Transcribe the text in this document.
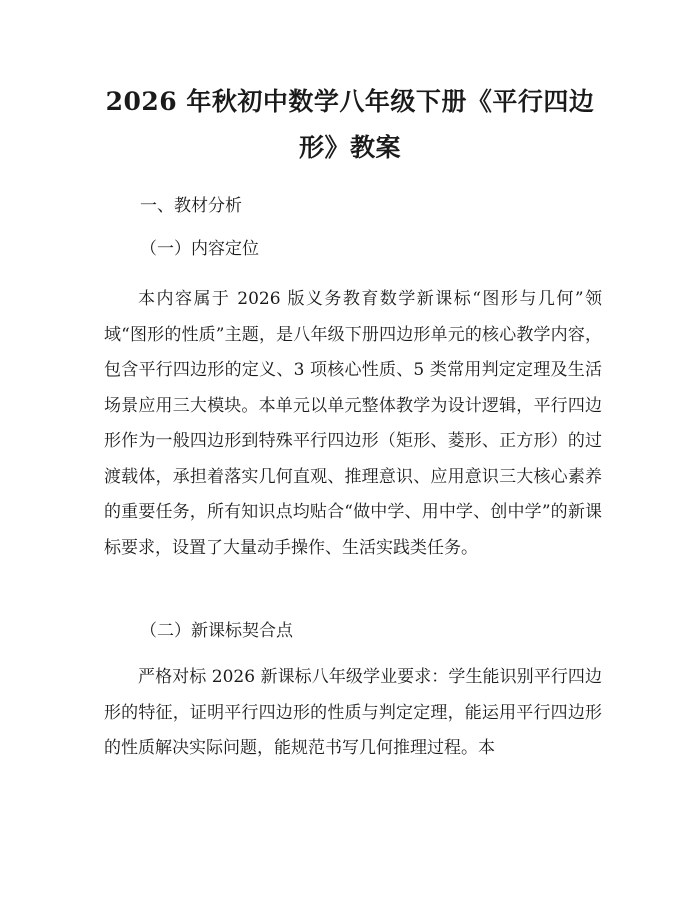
2026 年秋初中数学八年级下册《平行四边
形》教案
一、教材分析
（一）内容定位

本内容属于 2026 版义务教育数学新课标“图形与几何”领域“图形的性质”主题，是八年级下册四边形单元的核心教学内容，包含平行四边形的定义、3 项核心性质、5 类常用判定定理及生活场景应用三大模块。本单元以单元整体教学为设计逻辑，平行四边形作为一般四边形到特殊平行四边形（矩形、菱形、正方形）的过渡载体，承担着落实几何直观、推理意识、应用意识三大核心素养的重要任务，所有知识点均贴合“做中学、用中学、创中学”的新课标要求，设置了大量动手操作、生活实践类任务。

（二）新课标契合点

严格对标 2026 新课标八年级学业要求：学生能识别平行四边形的特征，证明平行四边形的性质与判定定理，能运用平行四边形的性质解决实际问题，能规范书写几何推理过程。本
